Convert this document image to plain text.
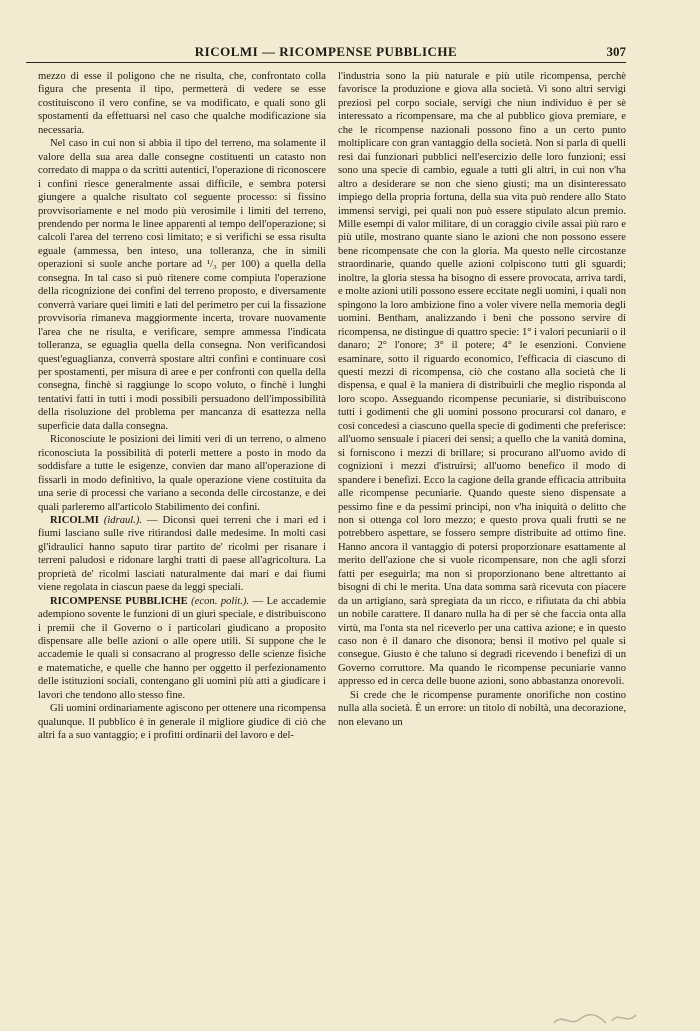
RICOLMI — RICOMPENSE PUBBLICHE	307

mezzo di esse il poligono che ne risulta, che, confrontato colla figura che presenta il tipo, permetterà di vedere se esse costituiscono il vero confine, se va modificato, e quali sono gli spostamenti da effettuarsi nel caso che qualche modificazione sia necessaria.

Nel caso in cui non si abbia il tipo del terreno, ma solamente il valore della sua area dalle consegne costituenti un catasto non corredato di mappa o da scritti autentici, l'operazione di riconoscere i confini riesce generalmente assai difficile, e sembra potersi giungere a qualche risultato col seguente processo: si fissino provvisoriamente e nel modo più verosimile i limiti del terreno, prendendo per norma le linee apparenti al tempo dell'operazione; si calcoli l'area del terreno così limitato; e si verifichi se essa risulta eguale (ammessa, ben inteso, una tolleranza, che in simili operazioni si suole anche portare ad ¹/₃ per 100) a quella della consegna. In tal caso si può ritenere come compiuta l'operazione della ricognizione dei confini del terreno proposto, e diversamente converrà variare quei limiti e lati del perimetro per cui la fissazione provvisoria rimaneva maggiormente incerta, trovare nuovamente l'area che ne risulta, e verificare, sempre ammessa l'indicata tolleranza, se eguaglia quella della consegna. Non verificandosi quest'eguaglianza, converrà spostare altri confini e continuare così per spostamenti, per misura di aree e per confronti con quella della consegna, finchè si raggiunge lo scopo voluto, o finchè i lunghi tentativi fatti in tutti i modi possibili persuadono dell'impossibilità della risoluzione del problema per mancanza di esattezza nella superficie data dalla consegna.

Riconosciute le posizioni dei limiti veri di un terreno, o almeno riconosciuta la possibilità di poterli mettere a posto in modo da soddisfare a tutte le esigenze, convien dar mano all'operazione di fissarli in modo definitivo, la quale operazione viene costituita da una serie di processi che variano a seconda delle circostanze, e dei quali parleremo all'articolo Stabilimento dei confini.

RICOLMI (idraul.). — Diconsi quei terreni che i mari ed i fiumi lasciano sulle rive ritirandosi dalle medesime. In molti casi gl'idraulici hanno saputo tirar partito de' ricolmi per risanare i terreni paludosi e ridonare larghi tratti di paese all'agricoltura. La proprietà de' ricolmi lasciati naturalmente dai mari e dai fiumi viene regolata in ciascun paese da leggi speciali.

RICOMPENSE PUBBLICHE (econ. polit.). — Le accademie adempiono sovente le funzioni di un giurì speciale, e distribuiscono i premii che il Governo o i particolari giudicano a proposito dispensare alle belle azioni o alle opere utili. Si suppone che le accademie le quali si consacrano al progresso delle scienze fisiche e matematiche, e quelle che hanno per oggetto il perfezionamento delle istituzioni sociali, contengano gli uomini più atti a giudicare i lavori che tendono allo stesso fine.

Gli uomini ordinariamente agiscono per ottenere una ricompensa qualunque. Il pubblico è in generale il migliore giudice di ciò che altri fa a suo vantaggio; e i profitti ordinarii del lavoro e del-

l'industria sono la più naturale e più utile ricompensa, perchè favorisce la produzione e giova alla società. Vi sono altri servigi preziosi pel corpo sociale, servigi che niun individuo è per sè interessato a ricompensare, ma che al pubblico giova premiare, e che le ricompense nazionali possono fino a un certo punto moltiplicare con gran vantaggio della società. Non si parla di quelli resi dai funzionari pubblici nell'esercizio delle loro funzioni; essi sono una specie di cambio, eguale a tutti gli altri, in cui non v'ha altro a desiderare se non che sieno giusti; ma un disinteressato impiego della propria fortuna, della sua vita può rendere allo Stato immensi servigi, pei quali non può essere stipulato alcun premio. Mille esempi di valor militare, di un coraggio civile assai più raro e più utile, mostrano quante siano le azioni che non possono essere bene ricompensate che con la gloria. Ma questo nelle circostanze straordinarie, quando quelle azioni colpiscono tutti gli sguardi; inoltre, la gloria stessa ha bisogno di essere provocata, arriva tardi, e molte azioni utili possono essere eccitate negli uomini, i quali non spingono la loro ambizione fino a voler vivere nella memoria degli uomini. Bentham, analizzando i beni che possono servire di ricompensa, ne distingue di quattro specie: 1° i valori pecuniarii o il danaro; 2° l'onore; 3° il potere; 4° le esenzioni. Conviene esaminare, sotto il riguardo economico, l'efficacia di ciascuno di questi mezzi di ricompensa, ciò che costano alla società che li dispensa, e qual è la maniera di distribuirli che meglio risponda al loro scopo. Asseguando ricompense pecuniarie, si distribuiscono tutti i godimenti che gli uomini possono procurarsi col danaro, e così concedesi a ciascuno quella specie di godimenti che preferisce: all'uomo sensuale i piaceri dei sensi; a quello che la vanità domina, si forniscono i mezzi di brillare; si procurano all'uomo avido di cognizioni i mezzi d'istruirsi; all'uomo benefico il modo di spandere i benefizi. Ecco la cagione della grande efficacia attribuita alle ricompense pecuniarie. Quando queste sieno dispensate a pessimo fine e da pessimi principi, non v'ha iniquità o delitto che non si ottenga col loro mezzo; e questo prova quali frutti se ne potrebbero aspettare, se fossero sempre distribuite ad ottimo fine. Hanno ancora il vantaggio di potersi proporzionare esattamente al merito dell'azione che si vuole ricompensare, non che agli sforzi fatti per eseguirla; ma non si proporzionano bene altrettanto ai bisogni di chi le merita. Una data somma sarà ricevuta con piacere da un artigiano, sarà spregiata da un ricco, e rifiutata da chi abbia un nobile carattere. Il danaro nulla ha di per sè che faccia onta alla virtù, ma l'onta sta nel riceverlo per una cattiva azione; e in questo caso non è il danaro che disonora; bensì il motivo pel quale si consegue. Giusto è che taluno si degradi ricevendo i benefizi di un Governo corruttore. Ma quando le ricompense pecuniarie vanno appresso ed in cerca delle buone azioni, sono abbastanza onorevoli.

Si crede che le ricompense puramente onorifiche non costino nulla alla società. È un errore: un titolo di nobiltà, una decorazione, non elevano un
